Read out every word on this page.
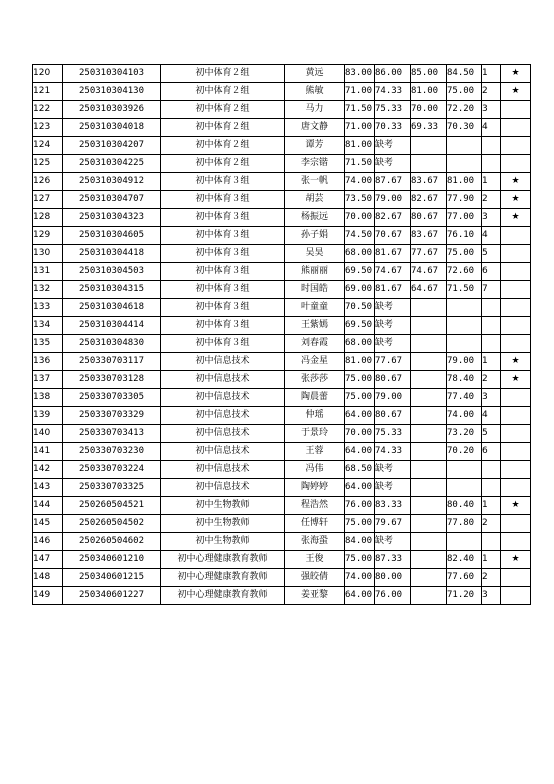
120	250310304103	初中体育２组	黄远	83.00	86.00	85.00	84.50	1	★
121	250310304130	初中体育２组	熊敏	71.00	74.33	81.00	75.00	2	★
122	250310303926	初中体育２组	马力	71.50	75.33	70.00	72.20	3	
123	250310304018	初中体育２组	唐文静	71.00	70.33	69.33	70.30	4	
124	250310304207	初中体育２组	谭芳	81.00	缺考				
125	250310304225	初中体育２组	李宗锴	71.50	缺考				
126	250310304912	初中体育３组	张一帆	74.00	87.67	83.67	81.00	1	★
127	250310304707	初中体育３组	胡芸	73.50	79.00	82.67	77.90	2	★
128	250310304323	初中体育３组	杨振远	70.00	82.67	80.67	77.00	3	★
129	250310304605	初中体育３组	孙子娟	74.50	70.67	83.67	76.10	4	
130	250310304418	初中体育３组	吴昊	68.00	81.67	77.67	75.00	5	
131	250310304503	初中体育３组	熊丽丽	69.50	74.67	74.67	72.60	6	
132	250310304315	初中体育３组	时国皓	69.00	81.67	64.67	71.50	7	
133	250310304618	初中体育３组	叶童童	70.50	缺考				
134	250310304414	初中体育３组	王紫嫣	69.50	缺考				
135	250310304830	初中体育３组	刘春霞	68.00	缺考				
136	250330703117	初中信息技术	冯金星	81.00	77.67		79.00	1	★
137	250330703128	初中信息技术	张莎莎	75.00	80.67		78.40	2	★
138	250330703305	初中信息技术	陶晨蕾	75.00	79.00		77.40	3	
139	250330703329	初中信息技术	仲瑶	64.00	80.67		74.00	4	
140	250330703413	初中信息技术	于景玲	70.00	75.33		73.20	5	
141	250330703230	初中信息技术	王蓉	64.00	74.33		70.20	6	
142	250330703224	初中信息技术	冯伟	68.50	缺考				
143	250330703325	初中信息技术	陶婷婷	64.00	缺考				
144	250260504521	初中生物教师	程浩然	76.00	83.33		80.40	1	★
145	250260504502	初中生物教师	任博轩	75.00	79.67		77.80	2	
146	250260504602	初中生物教师	张海蛩	84.00	缺考				
147	250340601210	初中心理健康教育教师	王俊	75.00	87.33		82.40	1	★
148	250340601215	初中心理健康教育教师	强皎倩	74.00	80.00		77.60	2	
149	250340601227	初中心理健康教育教师	姜亚黎	64.00	76.00		71.20	3	
